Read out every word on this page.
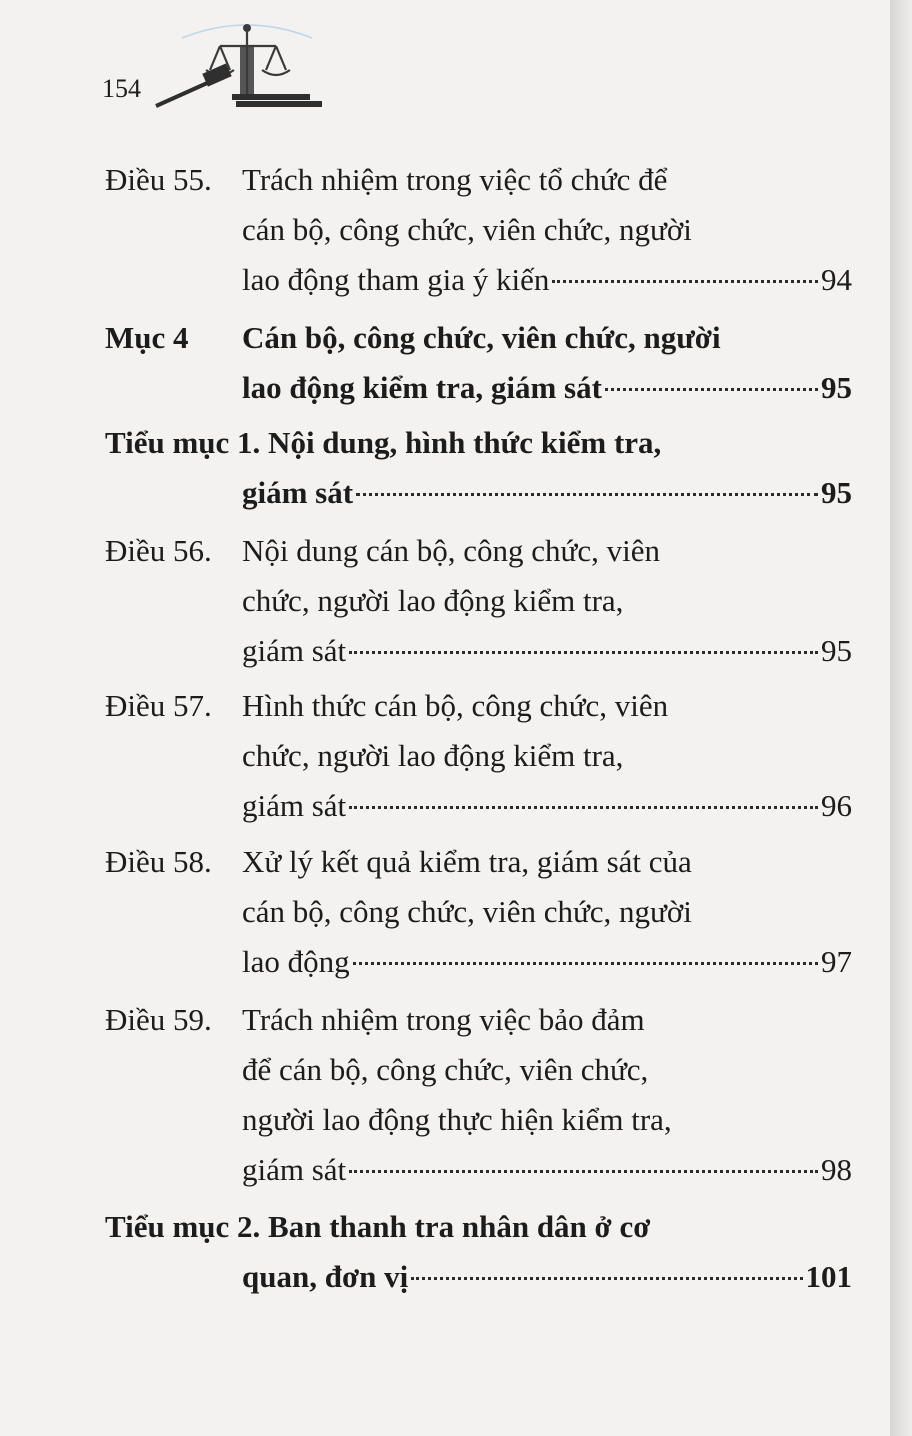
154
Điều 55. Trách nhiệm trong việc tổ chức để
cán bộ, công chức, viên chức, người
lao động tham gia ý kiến	94
Mục 4 Cán bộ, công chức, viên chức, người
lao động kiểm tra, giám sát	95
Tiểu mục 1. Nội dung, hình thức kiểm tra,
giám sát	95
Điều 56. Nội dung cán bộ, công chức, viên
chức, người lao động kiểm tra,
giám sát	95
Điều 57. Hình thức cán bộ, công chức, viên
chức, người lao động kiểm tra,
giám sát	96
Điều 58. Xử lý kết quả kiểm tra, giám sát của
cán bộ, công chức, viên chức, người
lao động	97
Điều 59. Trách nhiệm trong việc bảo đảm
để cán bộ, công chức, viên chức,
người lao động thực hiện kiểm tra,
giám sát	98
Tiểu mục 2. Ban thanh tra nhân dân ở cơ
quan, đơn vị	101
